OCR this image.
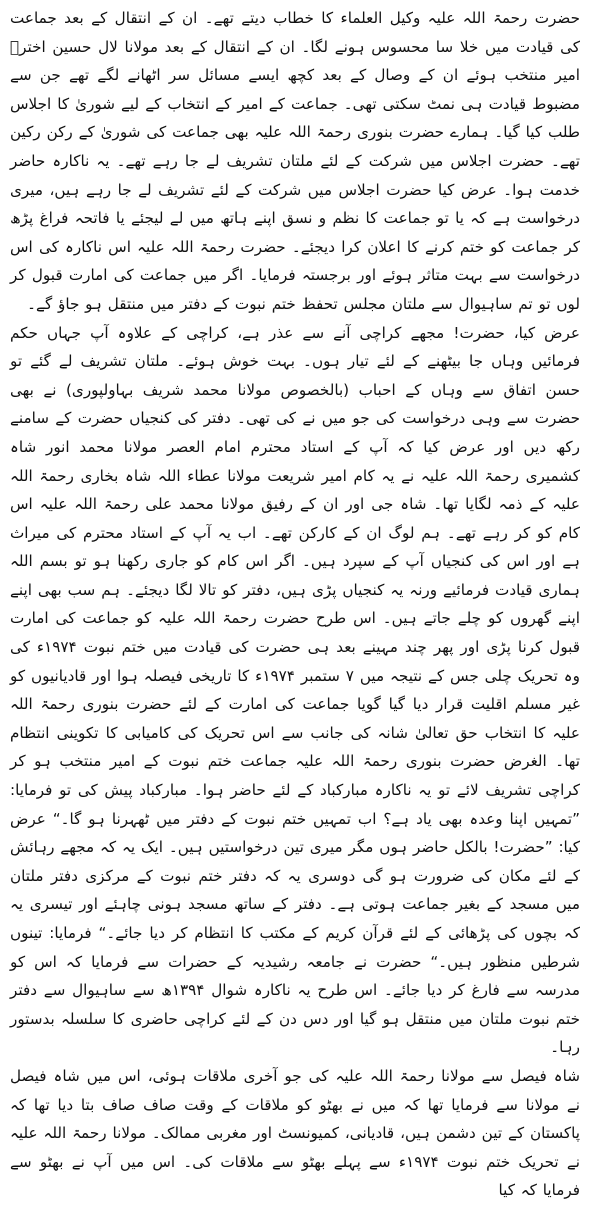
حضرت رحمۃ اللہ علیہ وکیل العلماء کا خطاب دیتے تھے۔ ان کے انتقال کے بعد جماعت کی قیادت میں خلا سا محسوس ہونے لگا۔ ان کے انتقال کے بعد مولانا لال حسین اخترؒ امیر منتخب ہوئے ان کے وصال کے بعد کچھ ایسے مسائل سر اٹھانے لگے تھے جن سے مضبوط قیادت ہی نمٹ سکتی تھی۔ جماعت کے امیر کے انتخاب کے لیے شوریٰ کا اجلاس طلب کیا گیا۔ ہمارے حضرت بنوری رحمۃ اللہ علیہ بھی جماعت کی شوریٰ کے رکن رکین تھے۔ حضرت اجلاس میں شرکت کے لئے ملتان تشریف لے جا رہے تھے۔ یہ ناکارہ حاضر خدمت ہوا۔ عرض کیا حضرت اجلاس میں شرکت کے لئے تشریف لے جا رہے ہیں، میری درخواست ہے کہ یا تو جماعت کا نظم و نسق اپنے ہاتھ میں لے لیجئے یا فاتحہ فراغ پڑھ کر جماعت کو ختم کرنے کا اعلان کرا دیجئے۔ حضرت رحمۃ اللہ علیہ اس ناکارہ کی اس درخواست سے بہت متاثر ہوئے اور برجستہ فرمایا۔ اگر میں جماعت کی امارت قبول کر لوں تو تم ساہیوال سے ملتان مجلس تحفظ ختم نبوت کے دفتر میں منتقل ہو جاؤ گے۔

عرض کیا، حضرت! مجھے کراچی آنے سے عذر ہے، کراچی کے علاوہ آپ جہاں حکم فرمائیں وہاں جا بیٹھنے کے لئے تیار ہوں۔ بہت خوش ہوئے۔ ملتان تشریف لے گئے تو حسن اتفاق سے وہاں کے احباب (بالخصوص مولانا محمد شریف بہاولپوری) نے بھی حضرت سے وہی درخواست کی جو میں نے کی تھی۔ دفتر کی کنجیاں حضرت کے سامنے رکھ دیں اور عرض کیا کہ آپ کے استاد محترم امام العصر مولانا محمد انور شاہ کشمیری رحمۃ اللہ علیہ نے یہ کام امیر شریعت مولانا عطاء اللہ شاہ بخاری رحمۃ اللہ علیہ کے ذمہ لگایا تھا۔ شاہ جی اور ان کے رفیق مولانا محمد علی رحمۃ اللہ علیہ اس کام کو کر رہے تھے۔ ہم لوگ ان کے کارکن تھے۔ اب یہ آپ کے استاد محترم کی میراث ہے اور اس کی کنجیاں آپ کے سپرد ہیں۔ اگر اس کام کو جاری رکھنا ہو تو بسم اللہ ہماری قیادت فرمائیے ورنہ یہ کنجیاں پڑی ہیں، دفتر کو تالا لگا دیجئے۔ ہم سب بھی اپنے اپنے گھروں کو چلے جاتے ہیں۔ اس طرح حضرت رحمۃ اللہ علیہ کو جماعت کی امارت قبول کرنا پڑی اور پھر چند مہینے بعد ہی حضرت کی قیادت میں ختم نبوت ۱۹۷۴ء کی وہ تحریک چلی جس کے نتیجہ میں ۷ ستمبر ۱۹۷۴ء کا تاریخی فیصلہ ہوا اور قادیانیوں کو غیر مسلم اقلیت قرار دیا گیا گویا جماعت کی امارت کے لئے حضرت بنوری رحمۃ اللہ علیہ کا انتخاب حق تعالیٰ شانہ کی جانب سے اس تحریک کی کامیابی کا تکوینی انتظام تھا۔ الغرض حضرت بنوری رحمۃ اللہ علیہ جماعت ختم نبوت کے امیر منتخب ہو کر کراچی تشریف لائے تو یہ ناکارہ مبارکباد کے لئے حاضر ہوا۔ مبارکباد پیش کی تو فرمایا: ”تمہیں اپنا وعدہ بھی یاد ہے؟ اب تمہیں ختم نبوت کے دفتر میں ٹھہرنا ہو گا۔“ عرض کیا: ”حضرت! بالکل حاضر ہوں مگر میری تین درخواستیں ہیں۔ ایک یہ کہ مجھے رہائش کے لئے مکان کی ضرورت ہو گی دوسری یہ کہ دفتر ختم نبوت کے مرکزی دفتر ملتان میں مسجد کے بغیر جماعت ہوتی ہے۔ دفتر کے ساتھ مسجد ہونی چاہئے اور تیسری یہ کہ بچوں کی پڑھائی کے لئے قرآن کریم کے مکتب کا انتظام کر دیا جائے۔“ فرمایا: تینوں شرطیں منظور ہیں۔“ حضرت نے جامعہ رشیدیہ کے حضرات سے فرمایا کہ اس کو مدرسہ سے فارغ کر دیا جائے۔ اس طرح یہ ناکارہ شوال ۱۳۹۴ھ سے ساہیوال سے دفتر ختم نبوت ملتان میں منتقل ہو گیا اور دس دن کے لئے کراچی حاضری کا سلسلہ بدستور رہا۔

شاہ فیصل سے مولانا رحمۃ اللہ علیہ کی جو آخری ملاقات ہوئی، اس میں شاہ فیصل نے مولانا سے فرمایا تھا کہ میں نے بھٹو کو ملاقات کے وقت صاف صاف بتا دیا تھا کہ پاکستان کے تین دشمن ہیں، قادیانی، کمیونسٹ اور مغربی ممالک۔ مولانا رحمۃ اللہ علیہ نے تحریک ختم نبوت ۱۹۷۴ء سے پہلے بھٹو سے ملاقات کی۔ اس میں آپ نے بھٹو سے فرمایا کہ کیا
